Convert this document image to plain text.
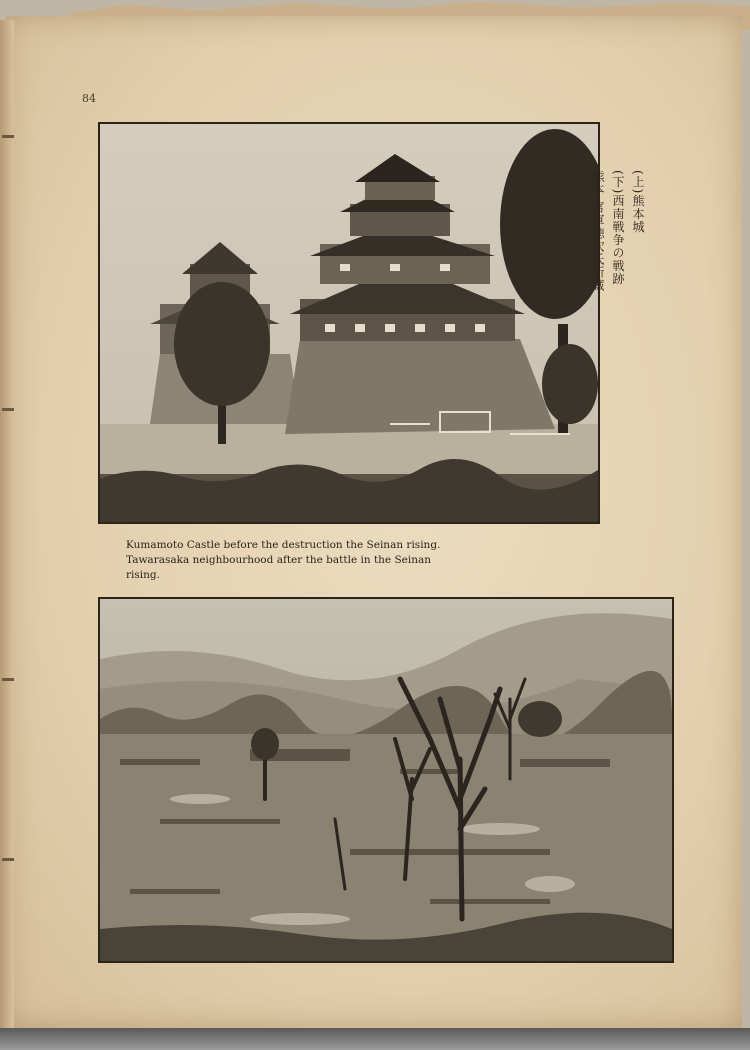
84
(上)熊本城
(下)西南戦争の戦跡
熊本 宮軍徳次氏所蔵
Kumamoto Castle before the destruction the Seinan rising.
Tawarasaka neighbourhood after the battle in the Seinan
rising.
